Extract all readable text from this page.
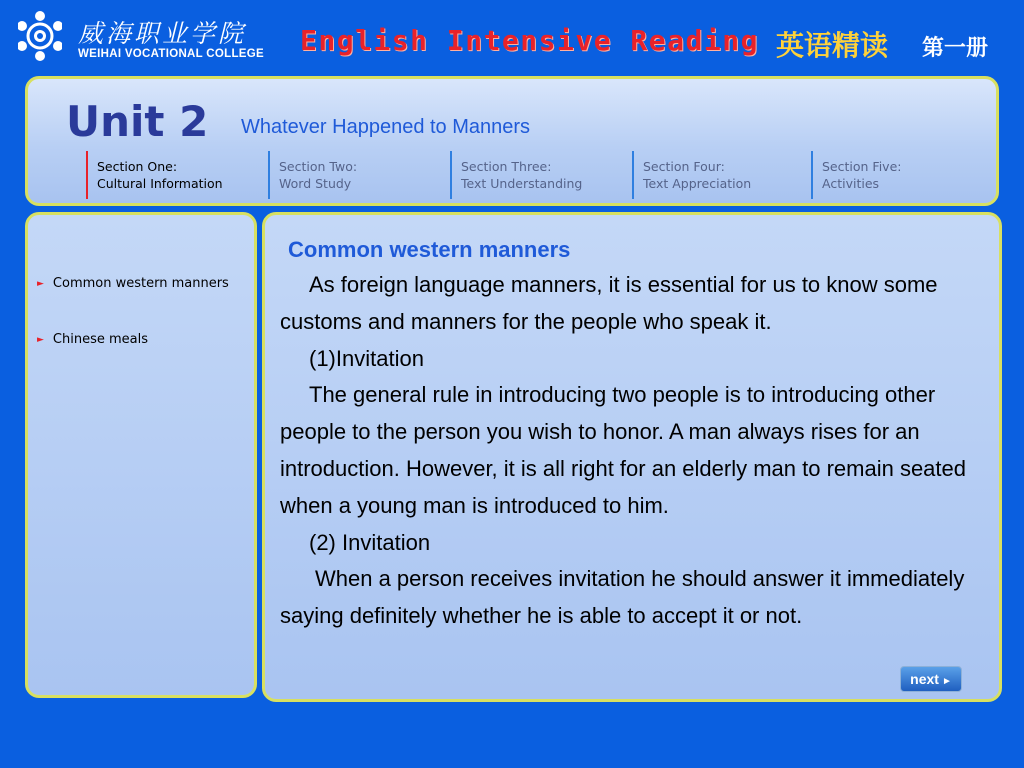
威海职业学院
WEIHAI VOCATIONAL COLLEGE English Intensive Reading 英语精读 第一册
Unit 2 Whatever Happened to Manners
Section One:
Cultural Information
Section Two:
Word Study
Section Three:
Text Understanding
Section Four:
Text Appreciation
Section Five:
Activities
► Common western manners
► Chinese meals
Common western manners

As foreign language manners, it is essential for us to know some customs and manners for the people who speak it.

(1)Invitation

The general rule in introducing two people is to introducing other people to the person you wish to honor. A man always rises for an introduction. However, it is all right for an elderly man to remain seated when a young man is introduced to him.

(2) Invitation

When a person receives invitation he should answer it immediately saying definitely whether he is able to accept it or not.

next ►
